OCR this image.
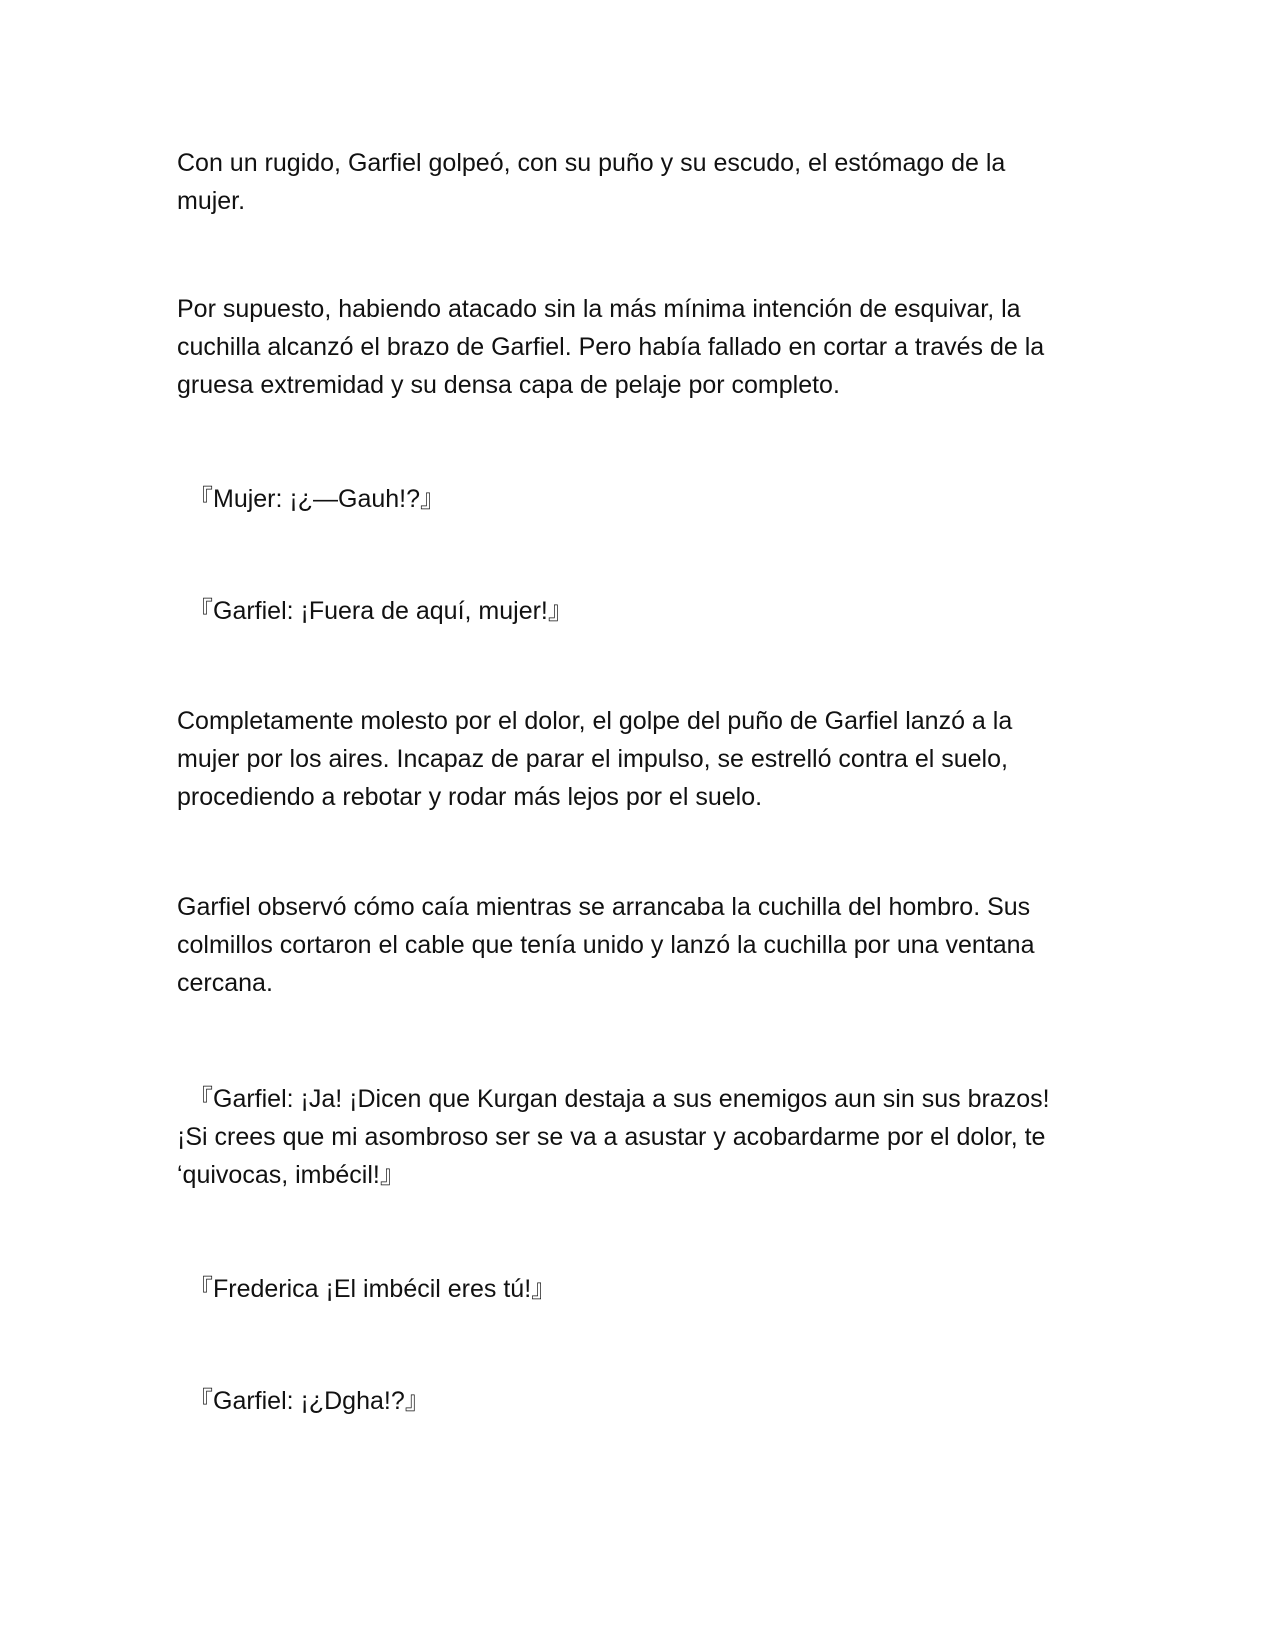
Con un rugido, Garfiel golpeó, con su puño y su escudo, el estómago de la
mujer.

Por supuesto, habiendo atacado sin la más mínima intención de esquivar, la
cuchilla alcanzó el brazo de Garfiel. Pero había fallado en cortar a través de la
gruesa extremidad y su densa capa de pelaje por completo.

『Mujer: ¡¿—Gauh!?』

『Garfiel: ¡Fuera de aquí, mujer!』

Completamente molesto por el dolor, el golpe del puño de Garfiel lanzó a la
mujer por los aires. Incapaz de parar el impulso, se estrelló contra el suelo,
procediendo a rebotar y rodar más lejos por el suelo.

Garfiel observó cómo caía mientras se arrancaba la cuchilla del hombro. Sus
colmillos cortaron el cable que tenía unido y lanzó la cuchilla por una ventana
cercana.

『Garfiel: ¡Ja! ¡Dicen que Kurgan destaja a sus enemigos aun sin sus brazos!
¡Si crees que mi asombroso ser se va a asustar y acobardarme por el dolor, te
‘quivocas, imbécil!』

『Frederica ¡El imbécil eres tú!』

『Garfiel: ¡¿Dgha!?』
